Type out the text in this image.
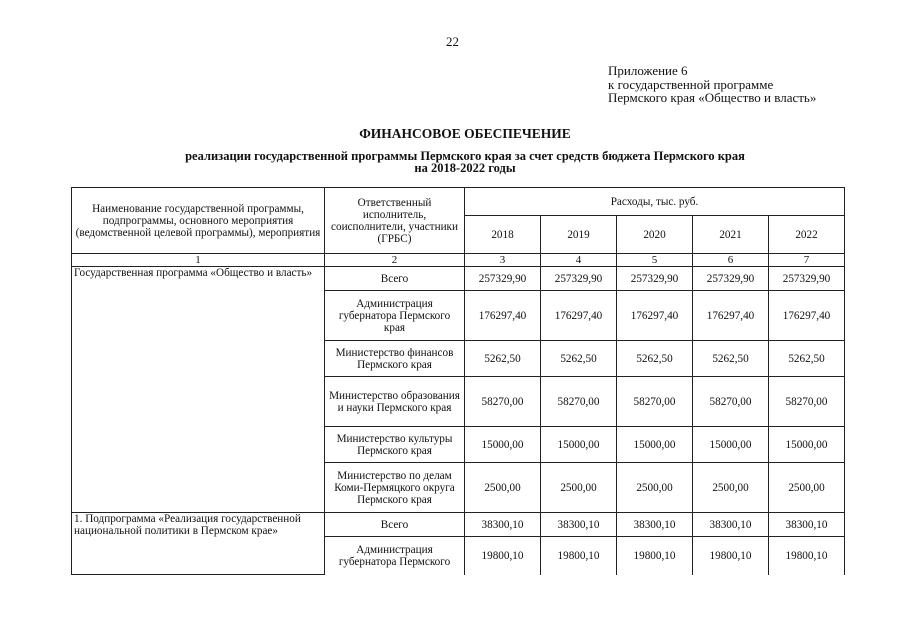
22
Приложение 6
к государственной программе
Пермского края «Общество и власть»
ФИНАНСОВОЕ ОБЕСПЕЧЕНИЕ
реализации государственной программы Пермского края за счет средств бюджета Пермского края
на 2018-2022 годы
Наименование государственной программы, подпрограммы, основного мероприятия (ведомственной целевой программы), мероприятия	Ответственный исполнитель, соисполнители, участники (ГРБС)	Расходы, тыс. руб.				
		2018	2019	2020	2021	2022
1	2	3	4	5	6	7
Государственная программа «Общество и власть»	Всего	257329,90	257329,90	257329,90	257329,90	257329,90
	Администрация губернатора Пермского края	176297,40	176297,40	176297,40	176297,40	176297,40
	Министерство финансов Пермского края	5262,50	5262,50	5262,50	5262,50	5262,50
	Министерство образования и науки Пермского края	58270,00	58270,00	58270,00	58270,00	58270,00
	Министерство культуры Пермского края	15000,00	15000,00	15000,00	15000,00	15000,00
	Министерство по делам Коми-Пермяцкого округа Пермского края	2500,00	2500,00	2500,00	2500,00	2500,00
1. Подпрограмма «Реализация государственной национальной политики в Пермском крае»	Всего	38300,10	38300,10	38300,10	38300,10	38300,10
	Администрация губернатора Пермского	19800,10	19800,10	19800,10	19800,10	19800,10
